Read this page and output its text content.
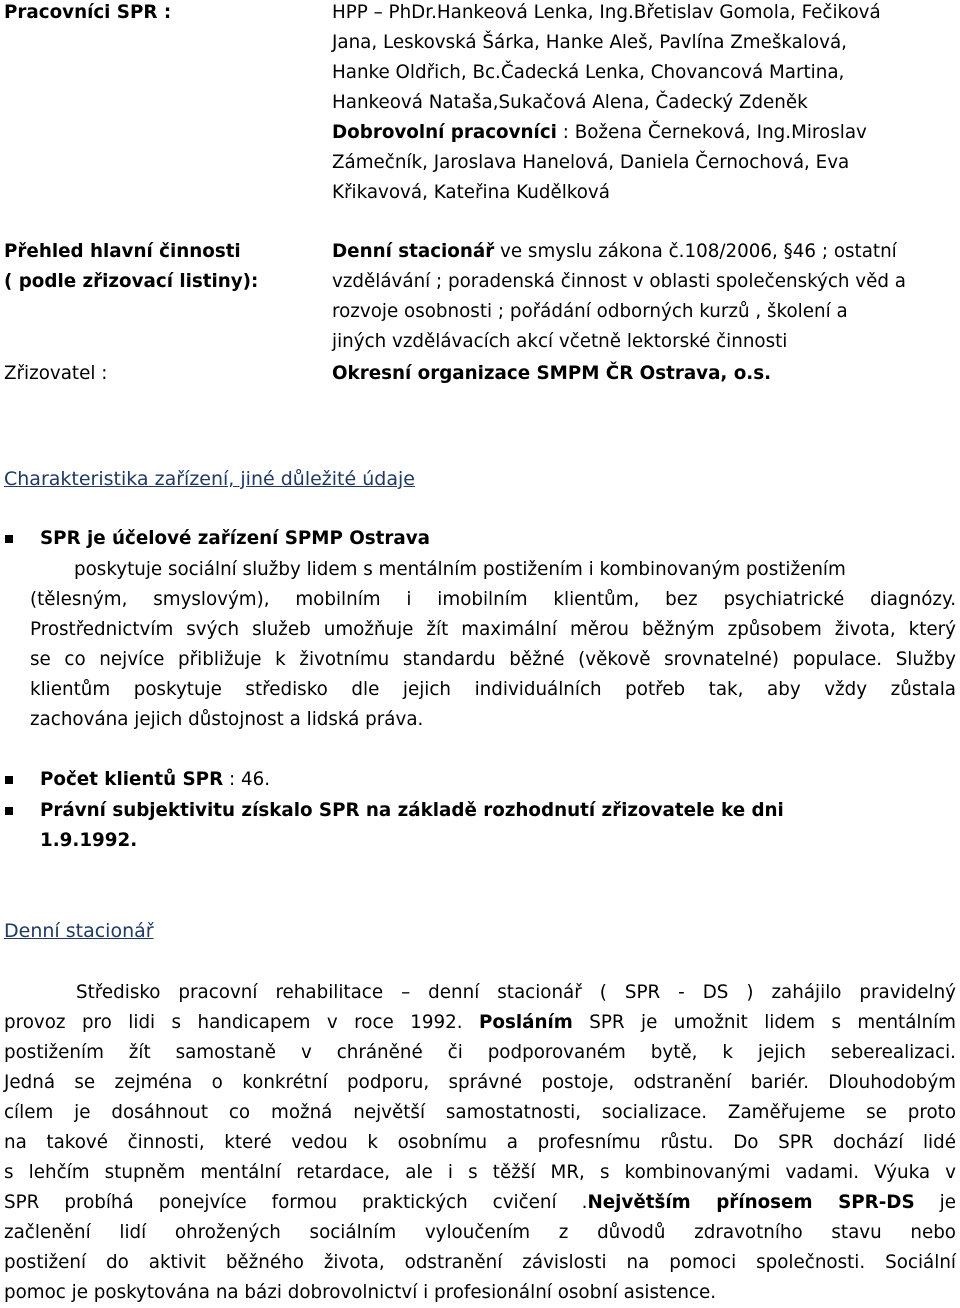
Pracovníci SPR :	HPP – PhDr.Hankeová Lenka, Ing.Břetislav Gomola, Fečiková
Jana, Leskovská Šárka, Hanke Aleš, Pavlína Zmeškalová,
Hanke Oldřich, Bc.Čadecká Lenka, Chovancová Martina,
Hankeová Nataša,Sukačová Alena, Čadecký Zdeněk
Dobrovolní pracovníci : Božena Černeková, Ing.Miroslav
Zámečník, Jaroslava Hanelová, Daniela Černochová, Eva
Křikavová, Kateřina Kudělková
Přehled hlavní činnosti
( podle zřizovací listiny):
Denní stacionář ve smyslu zákona č.108/2006, §46 ; ostatní
vzdělávání ; poradenská činnost v oblasti společenských věd a
rozvoje osobnosti ; pořádání odborných kurzů , školení a
jiných vzdělávacích akcí včetně lektorské činnosti
Zřizovatel :	Okresní organizace SMPM ČR Ostrava, o.s.
Charakteristika zařízení, jiné důležité údaje
SPR je účelové zařízení SPMP Ostrava
poskytuje sociální služby lidem s mentálním postižením i kombinovaným postižením
(tělesným, smyslovým), mobilním i imobilním klientům, bez psychiatrické diagnózy.
Prostřednictvím svých služeb umožňuje žít maximální měrou běžným způsobem života, který
se co nejvíce přibližuje k životnímu standardu běžné (věkově srovnatelné) populace. Služby
klientům poskytuje středisko dle jejich individuálních potřeb tak, aby vždy zůstala
zachována jejich důstojnost a lidská práva.
Počet klientů SPR : 46.
Právní subjektivitu získalo SPR na základě rozhodnutí zřizovatele ke dni
1.9.1992.
Denní stacionář
Středisko pracovní rehabilitace – denní stacionář ( SPR - DS ) zahájilo pravidelný
provoz pro lidi s handicapem v roce 1992. Posláním SPR je umožnit lidem s mentálním
postižením žít samostaně v chráněné či podporovaném bytě, k jejich seberealizaci.
Jedná se zejména o konkrétní podporu, správné postoje, odstranění bariér. Dlouhodobým
cílem je dosáhnout co možná největší samostatnosti, socializace. Zaměřujeme se proto
na takové činnosti, které vedou k osobnímu a profesnímu růstu. Do SPR dochází lidé
s lehčím stupněm mentální retardace, ale i s těžší MR, s kombinovanými vadami. Výuka v
SPR probíhá ponejvíce formou praktických cvičení .Největším přínosem SPR-DS je
začlenění lidí ohrožených sociálním vyloučením z důvodů zdravotního stavu nebo
postižení do aktivit běžného života, odstranění závislosti na pomoci společnosti. Sociální
pomoc je poskytována na bázi dobrovolnictví i profesionální osobní asistence.
